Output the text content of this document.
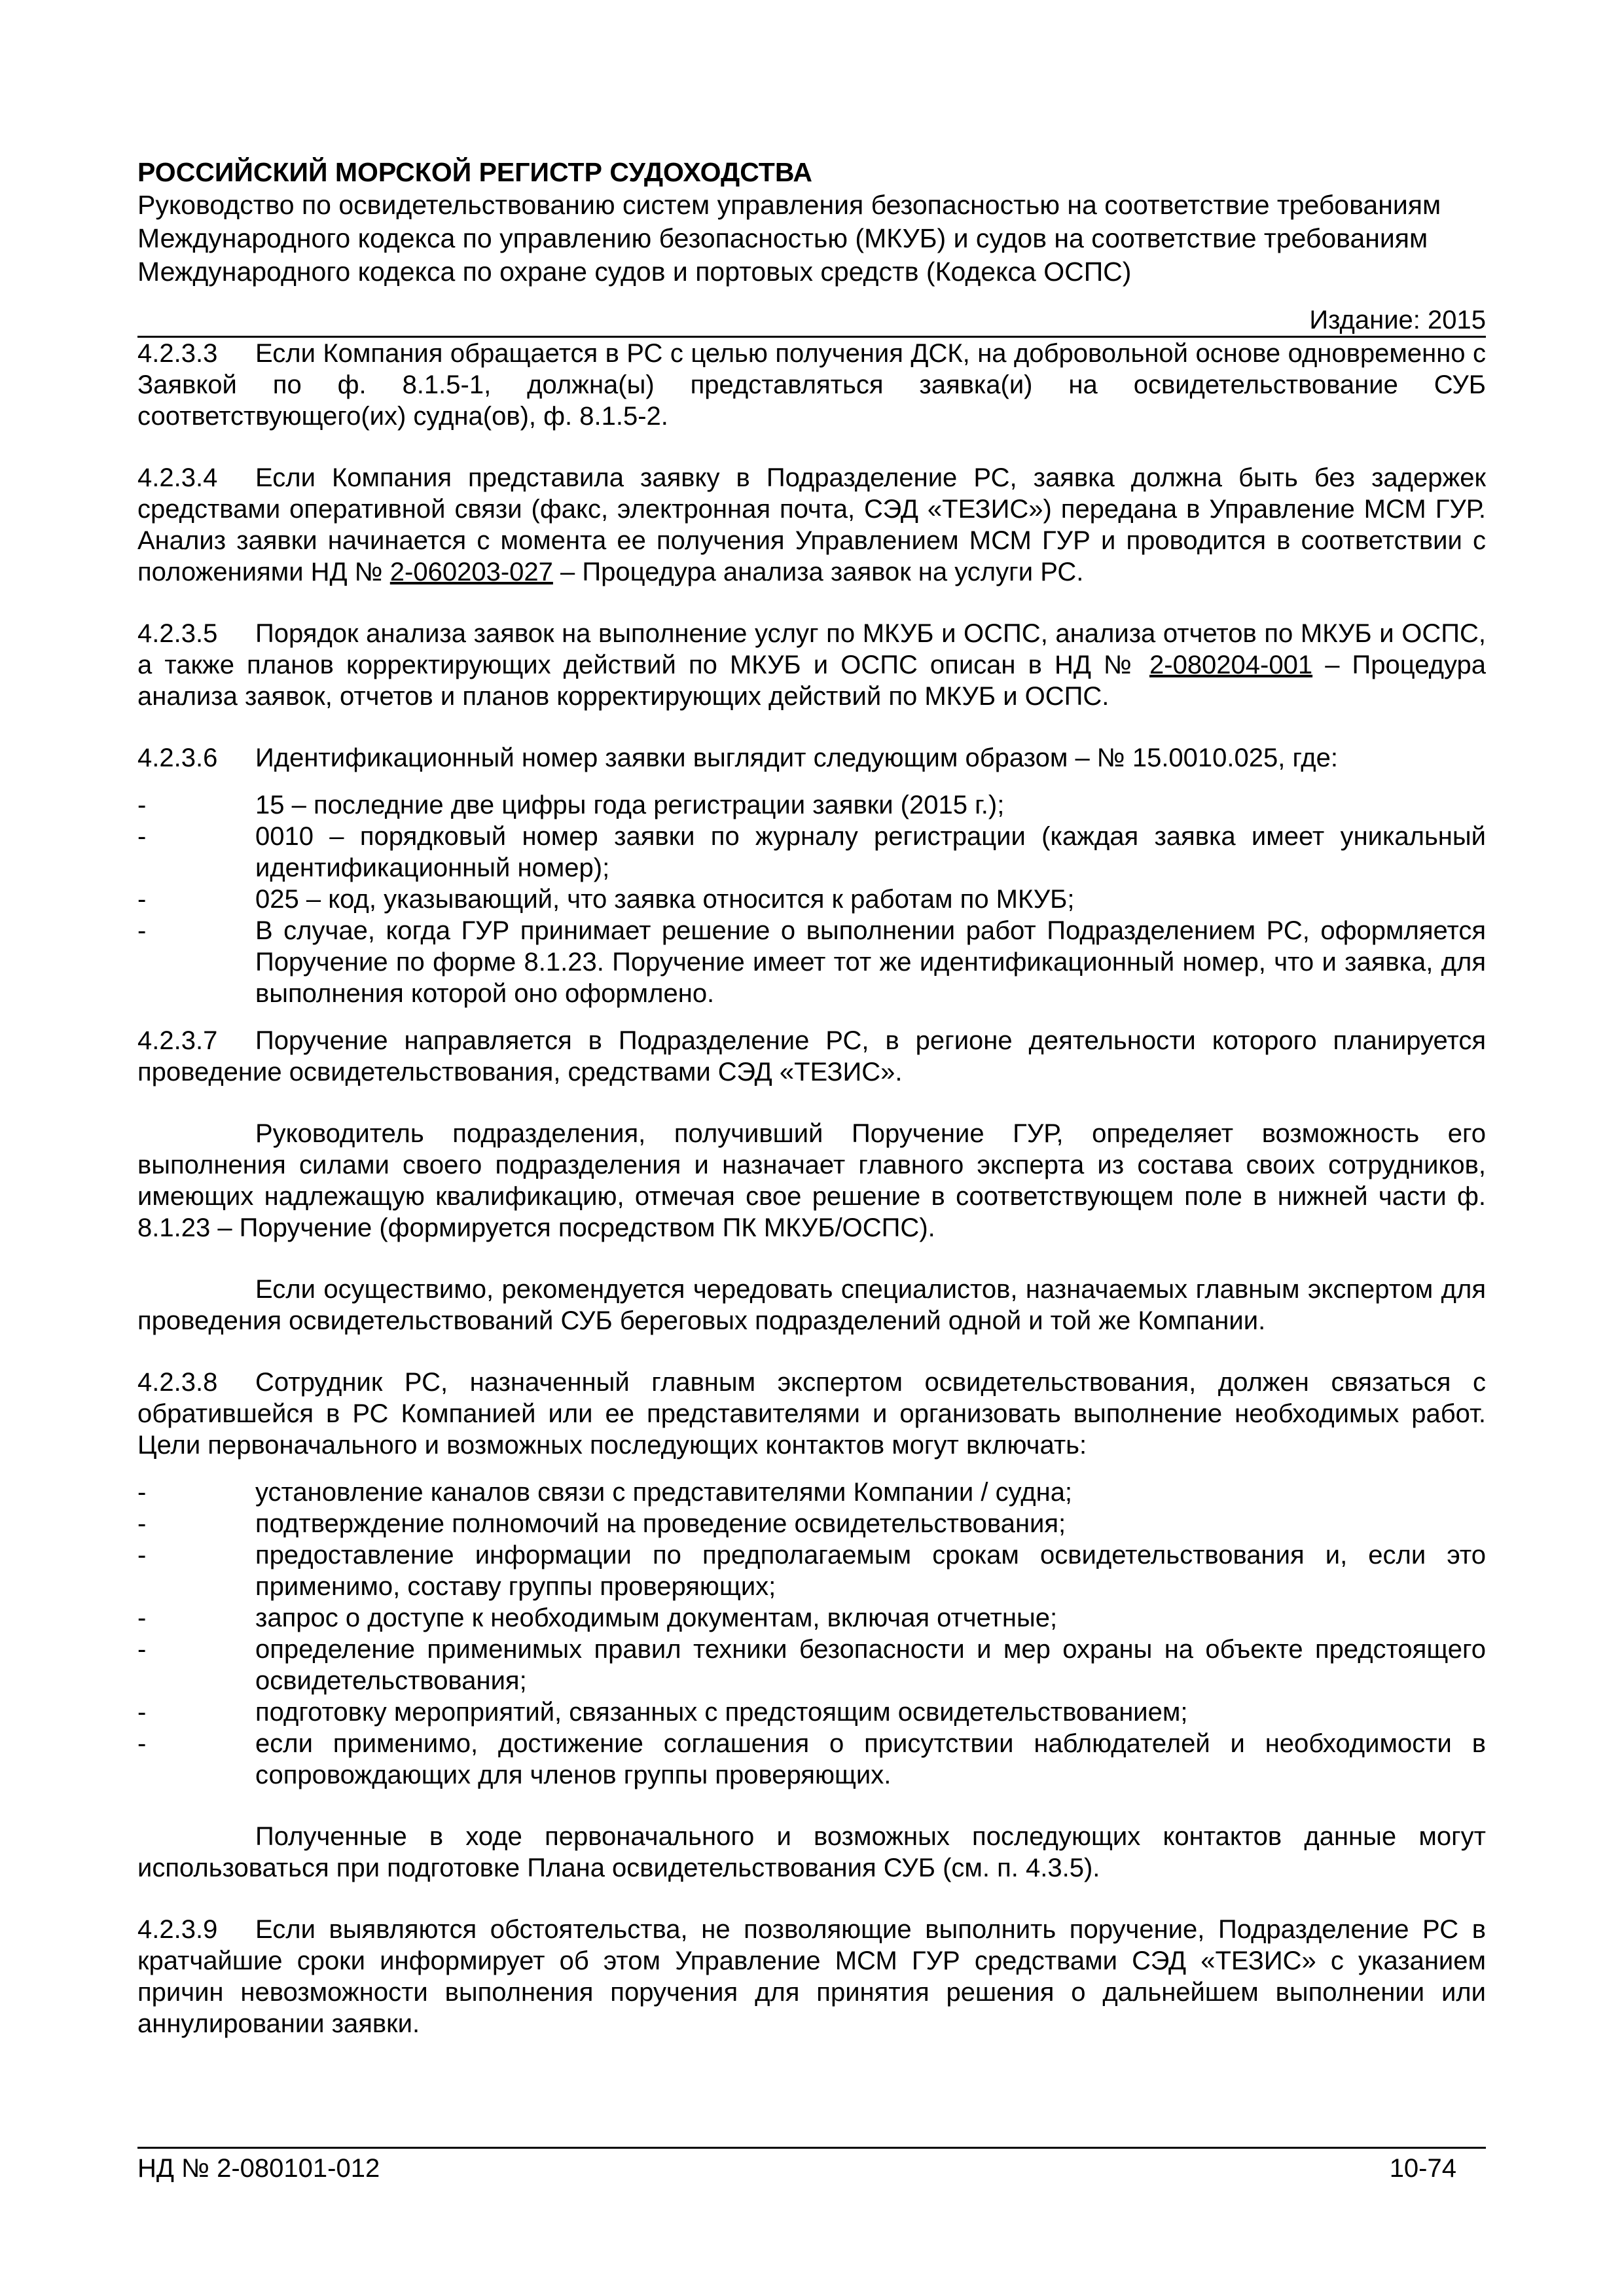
РОССИЙСКИЙ МОРСКОЙ РЕГИСТР СУДОХОДСТВА
Руководство по освидетельствованию систем управления безопасностью на соответствие требованиям Международного кодекса по управлению безопасностью (МКУБ) и судов на соответствие требованиям Международного кодекса по охране судов и портовых средств (Кодекса ОСПС)
Издание: 2015

4.2.3.3 Если Компания обращается в РС с целью получения ДСК, на добровольной основе одновременно с Заявкой по ф. 8.1.5-1, должна(ы) представляться заявка(и) на освидетельствование СУБ соответствующего(их) судна(ов), ф. 8.1.5-2.

4.2.3.4 Если Компания представила заявку в Подразделение РС, заявка должна быть без задержек средствами оперативной связи (факс, электронная почта, СЭД «ТЕЗИС») передана в Управление МСМ ГУР. Анализ заявки начинается с момента ее получения Управлением МСМ ГУР и проводится в соответствии с положениями НД № 2-060203-027 – Процедура анализа заявок на услуги РС.

4.2.3.5 Порядок анализа заявок на выполнение услуг по МКУБ и ОСПС, анализа отчетов по МКУБ и ОСПС, а также планов корректирующих действий по МКУБ и ОСПС описан в НД № 2-080204-001 – Процедура анализа заявок, отчетов и планов корректирующих действий по МКУБ и ОСПС.

4.2.3.6 Идентификационный номер заявки выглядит следующим образом – № 15.0010.025, где:

-	15 – последние две цифры года регистрации заявки (2015 г.);
-	0010 – порядковый номер заявки по журналу регистрации (каждая заявка имеет уникальный идентификационный номер);
-	025 – код, указывающий, что заявка относится к работам по МКУБ;
-	В случае, когда ГУР принимает решение о выполнении работ Подразделением РС, оформляется Поручение по форме 8.1.23. Поручение имеет тот же идентификационный номер, что и заявка, для выполнения которой оно оформлено.

4.2.3.7 Поручение направляется в Подразделение РС, в регионе деятельности которого планируется проведение освидетельствования, средствами СЭД «ТЕЗИС».

Руководитель подразделения, получивший Поручение ГУР, определяет возможность его выполнения силами своего подразделения и назначает главного эксперта из состава своих сотрудников, имеющих надлежащую квалификацию, отмечая свое решение в соответствующем поле в нижней части ф. 8.1.23 – Поручение (формируется посредством ПК МКУБ/ОСПС).

Если осуществимо, рекомендуется чередовать специалистов, назначаемых главным экспертом для проведения освидетельствований СУБ береговых подразделений одной и той же Компании.

4.2.3.8 Сотрудник РС, назначенный главным экспертом освидетельствования, должен связаться с обратившейся в РС Компанией или ее представителями и организовать выполнение необходимых работ. Цели первоначального и возможных последующих контактов могут включать:

-	установление каналов связи с представителями Компании / судна;
-	подтверждение полномочий на проведение освидетельствования;
-	предоставление информации по предполагаемым срокам освидетельствования и, если это применимо, составу группы проверяющих;
-	запрос о доступе к необходимым документам, включая отчетные;
-	определение применимых правил техники безопасности и мер охраны на объекте предстоящего освидетельствования;
-	подготовку мероприятий, связанных с предстоящим освидетельствованием;
-	если применимо, достижение соглашения о присутствии наблюдателей и необходимости в сопровождающих для членов группы проверяющих.

Полученные в ходе первоначального и возможных последующих контактов данные могут использоваться при подготовке Плана освидетельствования СУБ (см. п. 4.3.5).

4.2.3.9 Если выявляются обстоятельства, не позволяющие выполнить поручение, Подразделение РС в кратчайшие сроки информирует об этом Управление МСМ ГУР средствами СЭД «ТЕЗИС» с указанием причин невозможности выполнения поручения для принятия решения о дальнейшем выполнении или аннулировании заявки.

НД № 2-080101-012	10-74
